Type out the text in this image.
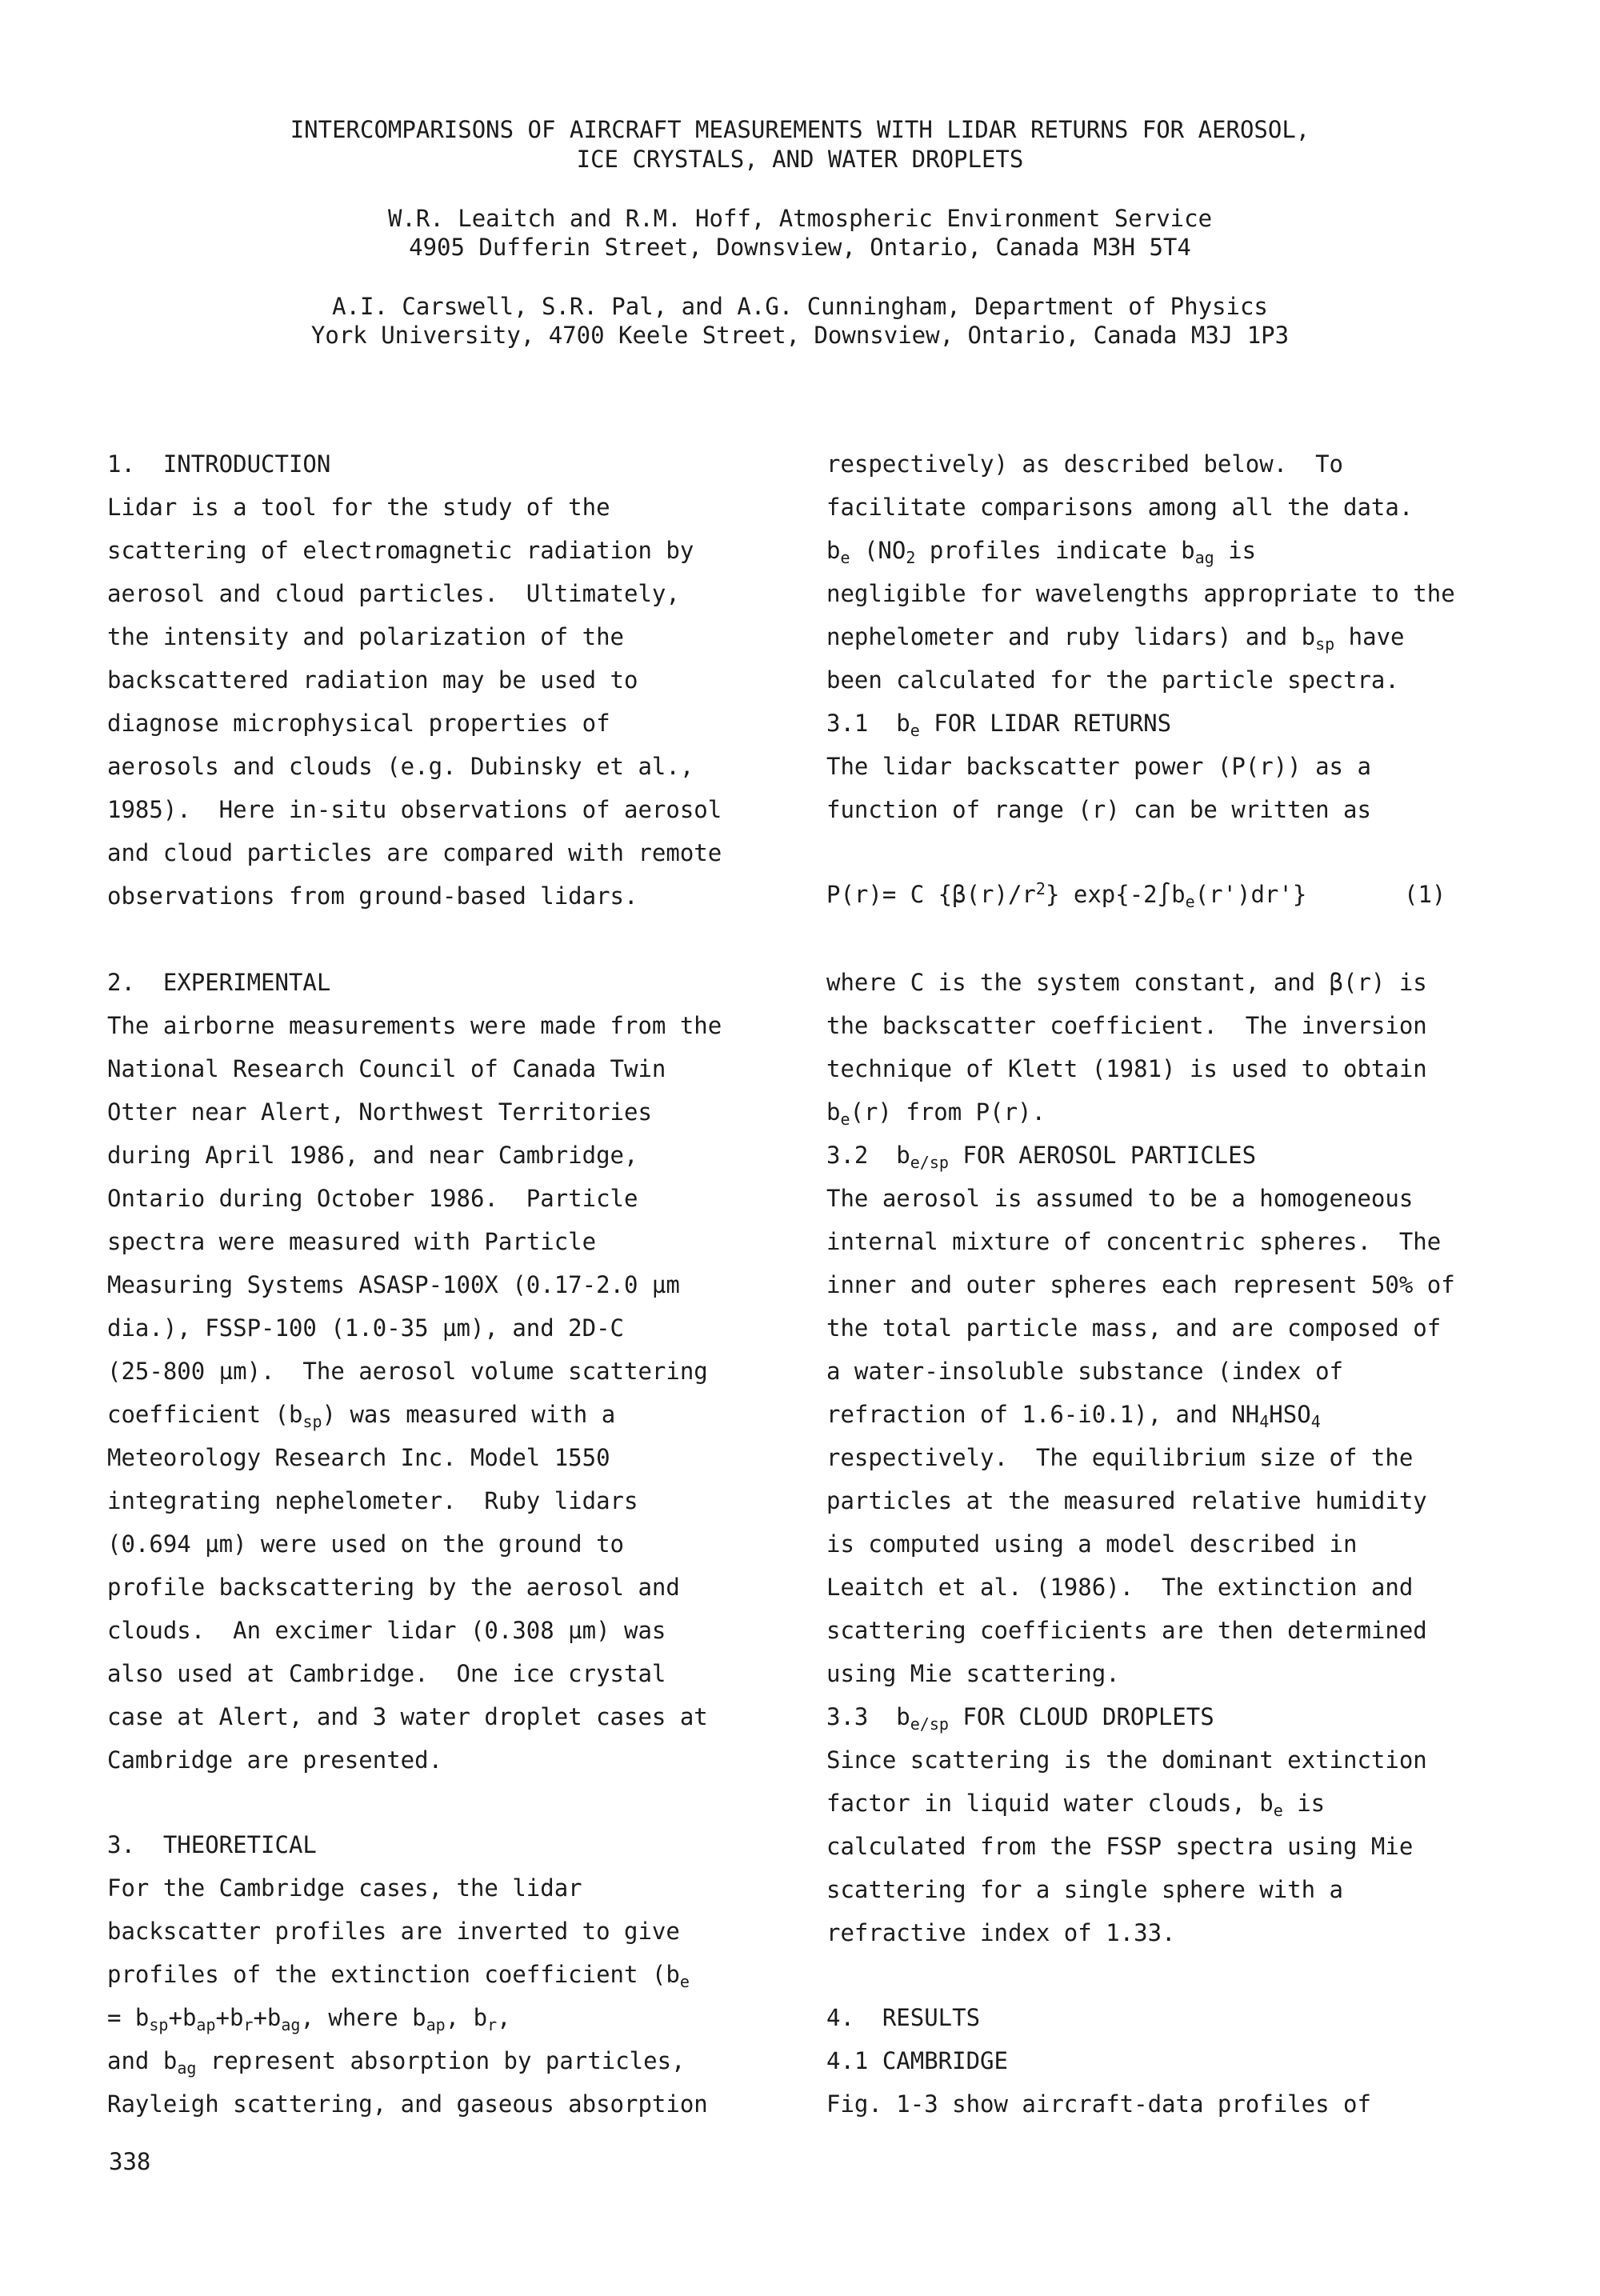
INTERCOMPARISONS OF AIRCRAFT MEASUREMENTS WITH LIDAR RETURNS FOR AEROSOL,
ICE CRYSTALS, AND WATER DROPLETS
W.R. Leaitch and R.M. Hoff, Atmospheric Environment Service
4905 Dufferin Street, Downsview, Ontario, Canada M3H 5T4
A.I. Carswell, S.R. Pal, and A.G. Cunningham, Department of Physics
York University, 4700 Keele Street, Downsview, Ontario, Canada M3J 1P3
1.  INTRODUCTION
Lidar is a tool for the study of the
scattering of electromagnetic radiation by
aerosol and cloud particles.  Ultimately,
the intensity and polarization of the
backscattered radiation may be used to
diagnose microphysical properties of
aerosols and clouds (e.g. Dubinsky et al.,
1985).  Here in-situ observations of aerosol
and cloud particles are compared with remote
observations from ground-based lidars.
2.  EXPERIMENTAL
The airborne measurements were made from the
National Research Council of Canada Twin
Otter near Alert, Northwest Territories
during April 1986, and near Cambridge,
Ontario during October 1986.  Particle
spectra were measured with Particle
Measuring Systems ASASP-100X (0.17-2.0 µm
dia.), FSSP-100 (1.0-35 µm), and 2D-C
(25-800 µm).  The aerosol volume scattering
coefficient $(b_{sp})$ was measured with a
Meteorology Research Inc. Model 1550
integrating nephelometer.  Ruby lidars
(0.694 µm) were used on the ground to
profile backscattering by the aerosol and
clouds.  An excimer lidar (0.308 µm) was
also used at Cambridge.  One ice crystal
case at Alert, and 3 water droplet cases at
Cambridge are presented.
3.  THEORETICAL
For the Cambridge cases, the lidar
backscatter profiles are inverted to give
profiles of the extinction coefficient ($b_e$
= $b_{sp}+b_{ap}+b_r+b_{ag}$, where $b_{ap}$, $b_r$,
and $b_{ag}$ represent absorption by particles,
Rayleigh scattering, and gaseous absorption
respectively) as described below.  To
facilitate comparisons among all the data.
$b_e$ ($NO_2$ profiles indicate $b_{ag}$ is
negligible for wavelengths appropriate to the
nephelometer and ruby lidars) and $b_{sp}$ have
been calculated for the particle spectra.
3.1  $b_e$ FOR LIDAR RETURNS
The lidar backscatter power (P(r)) as a
function of range (r) can be written as
P(r)= C $\{\beta(r)/r^2\}$ $\exp\{-2\int b_e(r')dr'\}$	(1)
where C is the system constant, and β(r) is
the backscatter coefficient.  The inversion
technique of Klett (1981) is used to obtain
$b_e(r)$ from P(r).
3.2  $b_{e/sp}$ FOR AEROSOL PARTICLES
The aerosol is assumed to be a homogeneous
internal mixture of concentric spheres.  The
inner and outer spheres each represent 50% of
the total particle mass, and are composed of
a water-insoluble substance (index of
refraction of 1.6-i0.1), and $NH_4HSO_4$
respectively.  The equilibrium size of the
particles at the measured relative humidity
is computed using a model described in
Leaitch et al. (1986).  The extinction and
scattering coefficients are then determined
using Mie scattering.
3.3  $b_{e/sp}$ FOR CLOUD DROPLETS
Since scattering is the dominant extinction
factor in liquid water clouds, $b_e$ is
calculated from the FSSP spectra using Mie
scattering for a single sphere with a
refractive index of 1.33.
4.  RESULTS
4.1 CAMBRIDGE
Fig. 1-3 show aircraft-data profiles of
338
